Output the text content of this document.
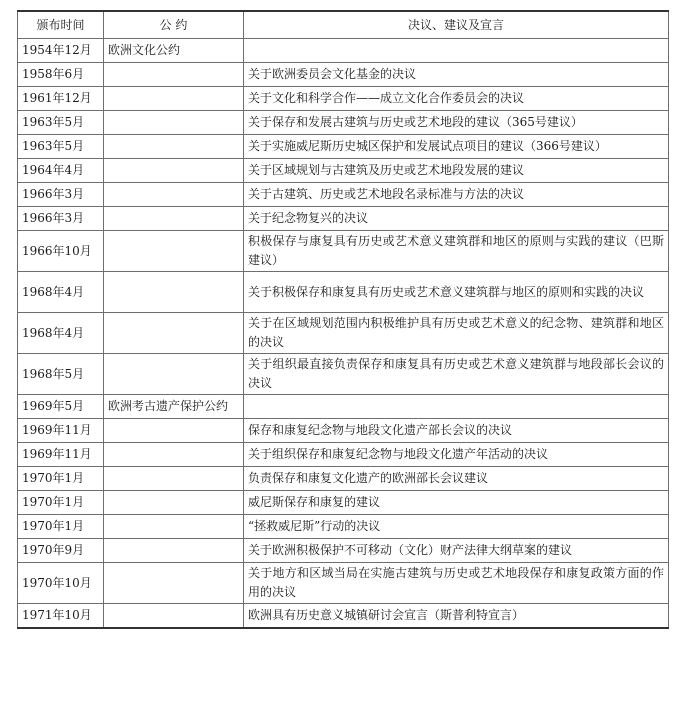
颁布时间	公 约	决议、建议及宣言
1954年12月	欧洲文化公约	
1958年6月		关于欧洲委员会文化基金的决议
1961年12月		关于文化和科学合作——成立文化合作委员会的决议
1963年5月		关于保存和发展古建筑与历史或艺术地段的建议（365号建议）
1963年5月		关于实施威尼斯历史城区保护和发展试点项目的建议（366号建议）
1964年4月		关于区域规划与古建筑及历史或艺术地段发展的建议
1966年3月		关于古建筑、历史或艺术地段名录标准与方法的决议
1966年3月		关于纪念物复兴的决议
1966年10月		积极保存与康复具有历史或艺术意义建筑群和地区的原则与实践的建议（巴斯建议）
1968年4月		关于积极保存和康复具有历史或艺术意义建筑群与地区的原则和实践的决议
1968年4月		关于在区域规划范围内积极维护具有历史或艺术意义的纪念物、建筑群和地区的决议
1968年5月		关于组织最直接负责保存和康复具有历史或艺术意义建筑群与地段部长会议的决议
1969年5月	欧洲考古遗产保护公约	
1969年11月		保存和康复纪念物与地段文化遗产部长会议的决议
1969年11月		关于组织保存和康复纪念物与地段文化遗产年活动的决议
1970年1月		负责保存和康复文化遗产的欧洲部长会议建议
1970年1月		威尼斯保存和康复的建议
1970年1月		“拯救威尼斯”行动的决议
1970年9月		关于欧洲积极保护不可移动（文化）财产法律大纲草案的建议
1970年10月		关于地方和区域当局在实施古建筑与历史或艺术地段保存和康复政策方面的作用的决议
1971年10月		欧洲具有历史意义城镇研讨会宣言（斯普利特宣言）
